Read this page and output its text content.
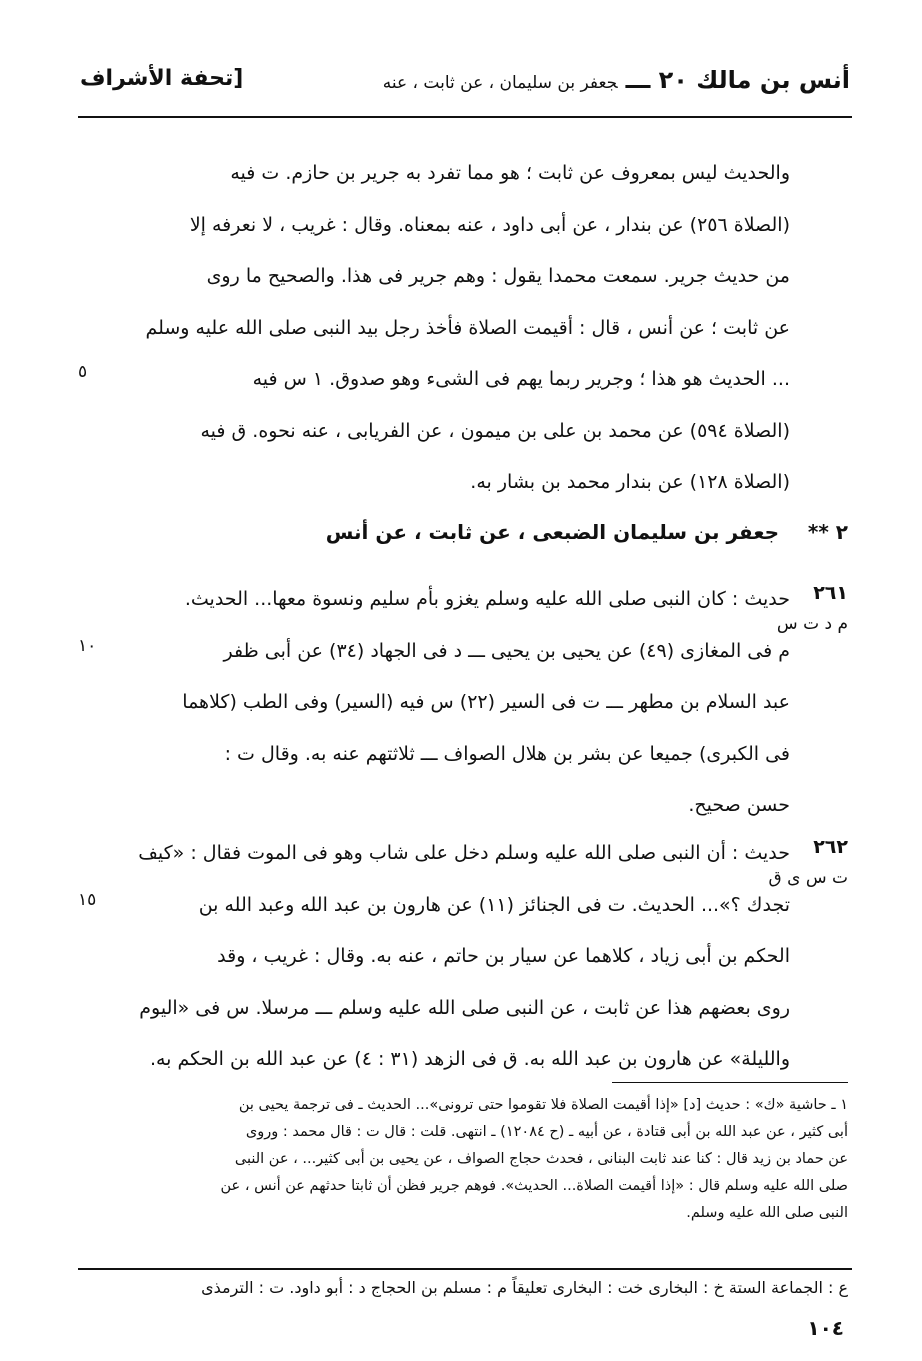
أنس بن مالك ٢٠ ـــجعفر بن سليمان ، عن ثابت ، عنه
[تحفة الأشراف
والحديث ليس بمعروف عن ثابت ؛ هو مما تفرد به جرير بن حازم. ت فيه
(الصلاة ٢٥٦) عن بندار ، عن أبى داود ، عنه بمعناه. وقال : غريب ، لا نعرفه إلا
من حديث جرير. سمعت محمدا يقول : وهم جرير فى هذا. والصحيح ما روى
عن ثابت ؛ عن أنس ، قال : أقيمت الصلاة فأخذ رجل بيد النبى صلى الله عليه وسلم
... الحديث هو هذا ؛ وجرير ربما يهم فى الشىء وهو صدوق. ١ س فيه
(الصلاة ٥٩٤) عن محمد بن على بن ميمون ، عن الفريابى ، عنه نحوه. ق فيه
(الصلاة ١٢٨) عن بندار محمد بن بشار به.
٥
٢ ** جعفر بن سليمان الضبعى ، عن ثابت ، عن أنس
٢٦١
م د ت س
حديث : كان النبى صلى الله عليه وسلم يغزو بأم سليم ونسوة معها... الحديث.
م فى المغازى (٤٩) عن يحيى بن يحيى ـــ د فى الجهاد (٣٤) عن أبى ظفر
عبد السلام بن مطهر ـــ ت فى السير (٢٢) س فيه (السير) وفى الطب (كلاهما
فى الكبرى) جميعا عن بشر بن هلال الصواف ـــ ثلاثتهم عنه به. وقال ت :
حسن صحيح.
١٠
٢٦٢
ت س ى ق
حديث : أن النبى صلى الله عليه وسلم دخل على شاب وهو فى الموت فقال : «كيف
تجدك ؟»... الحديث. ت فى الجنائز (١١) عن هارون بن عبد الله وعبد الله بن
الحكم بن أبى زياد ، كلاهما عن سيار بن حاتم ، عنه به. وقال : غريب ، وقد
روى بعضهم هذا عن ثابت ، عن النبى صلى الله عليه وسلم ـــ مرسلا. س فى «اليوم
والليلة» عن هارون بن عبد الله به. ق فى الزهد (٣١ : ٤) عن عبد الله بن الحكم به.
١٥
١ ـ حاشية «ك» : حديث [د] «إذا أقيمت الصلاة فلا تقوموا حتى ترونى»... الحديث ـ فى ترجمة يحيى بن
أبى كثير ، عن عبد الله بن أبى قتادة ، عن أبيه ـ (ح ١٢٠٨٤) ـ انتهى. قلت : قال ت : قال محمد : وروى
عن حماد بن زيد قال : كنا عند ثابت البنانى ، فحدث حجاج الصواف ، عن يحيى بن أبى كثير... ، عن النبى
صلى الله عليه وسلم قال : «إذا أقيمت الصلاة... الحديث». فوهم جرير فظن أن ثابتا حدثهم عن أنس ، عن
النبى صلى الله عليه وسلم.
ع : الجماعة الستة خ : البخارى خت : البخارى تعليقاً م : مسلم بن الحجاج د : أبو داود. ت : الترمذى
١٠٤
